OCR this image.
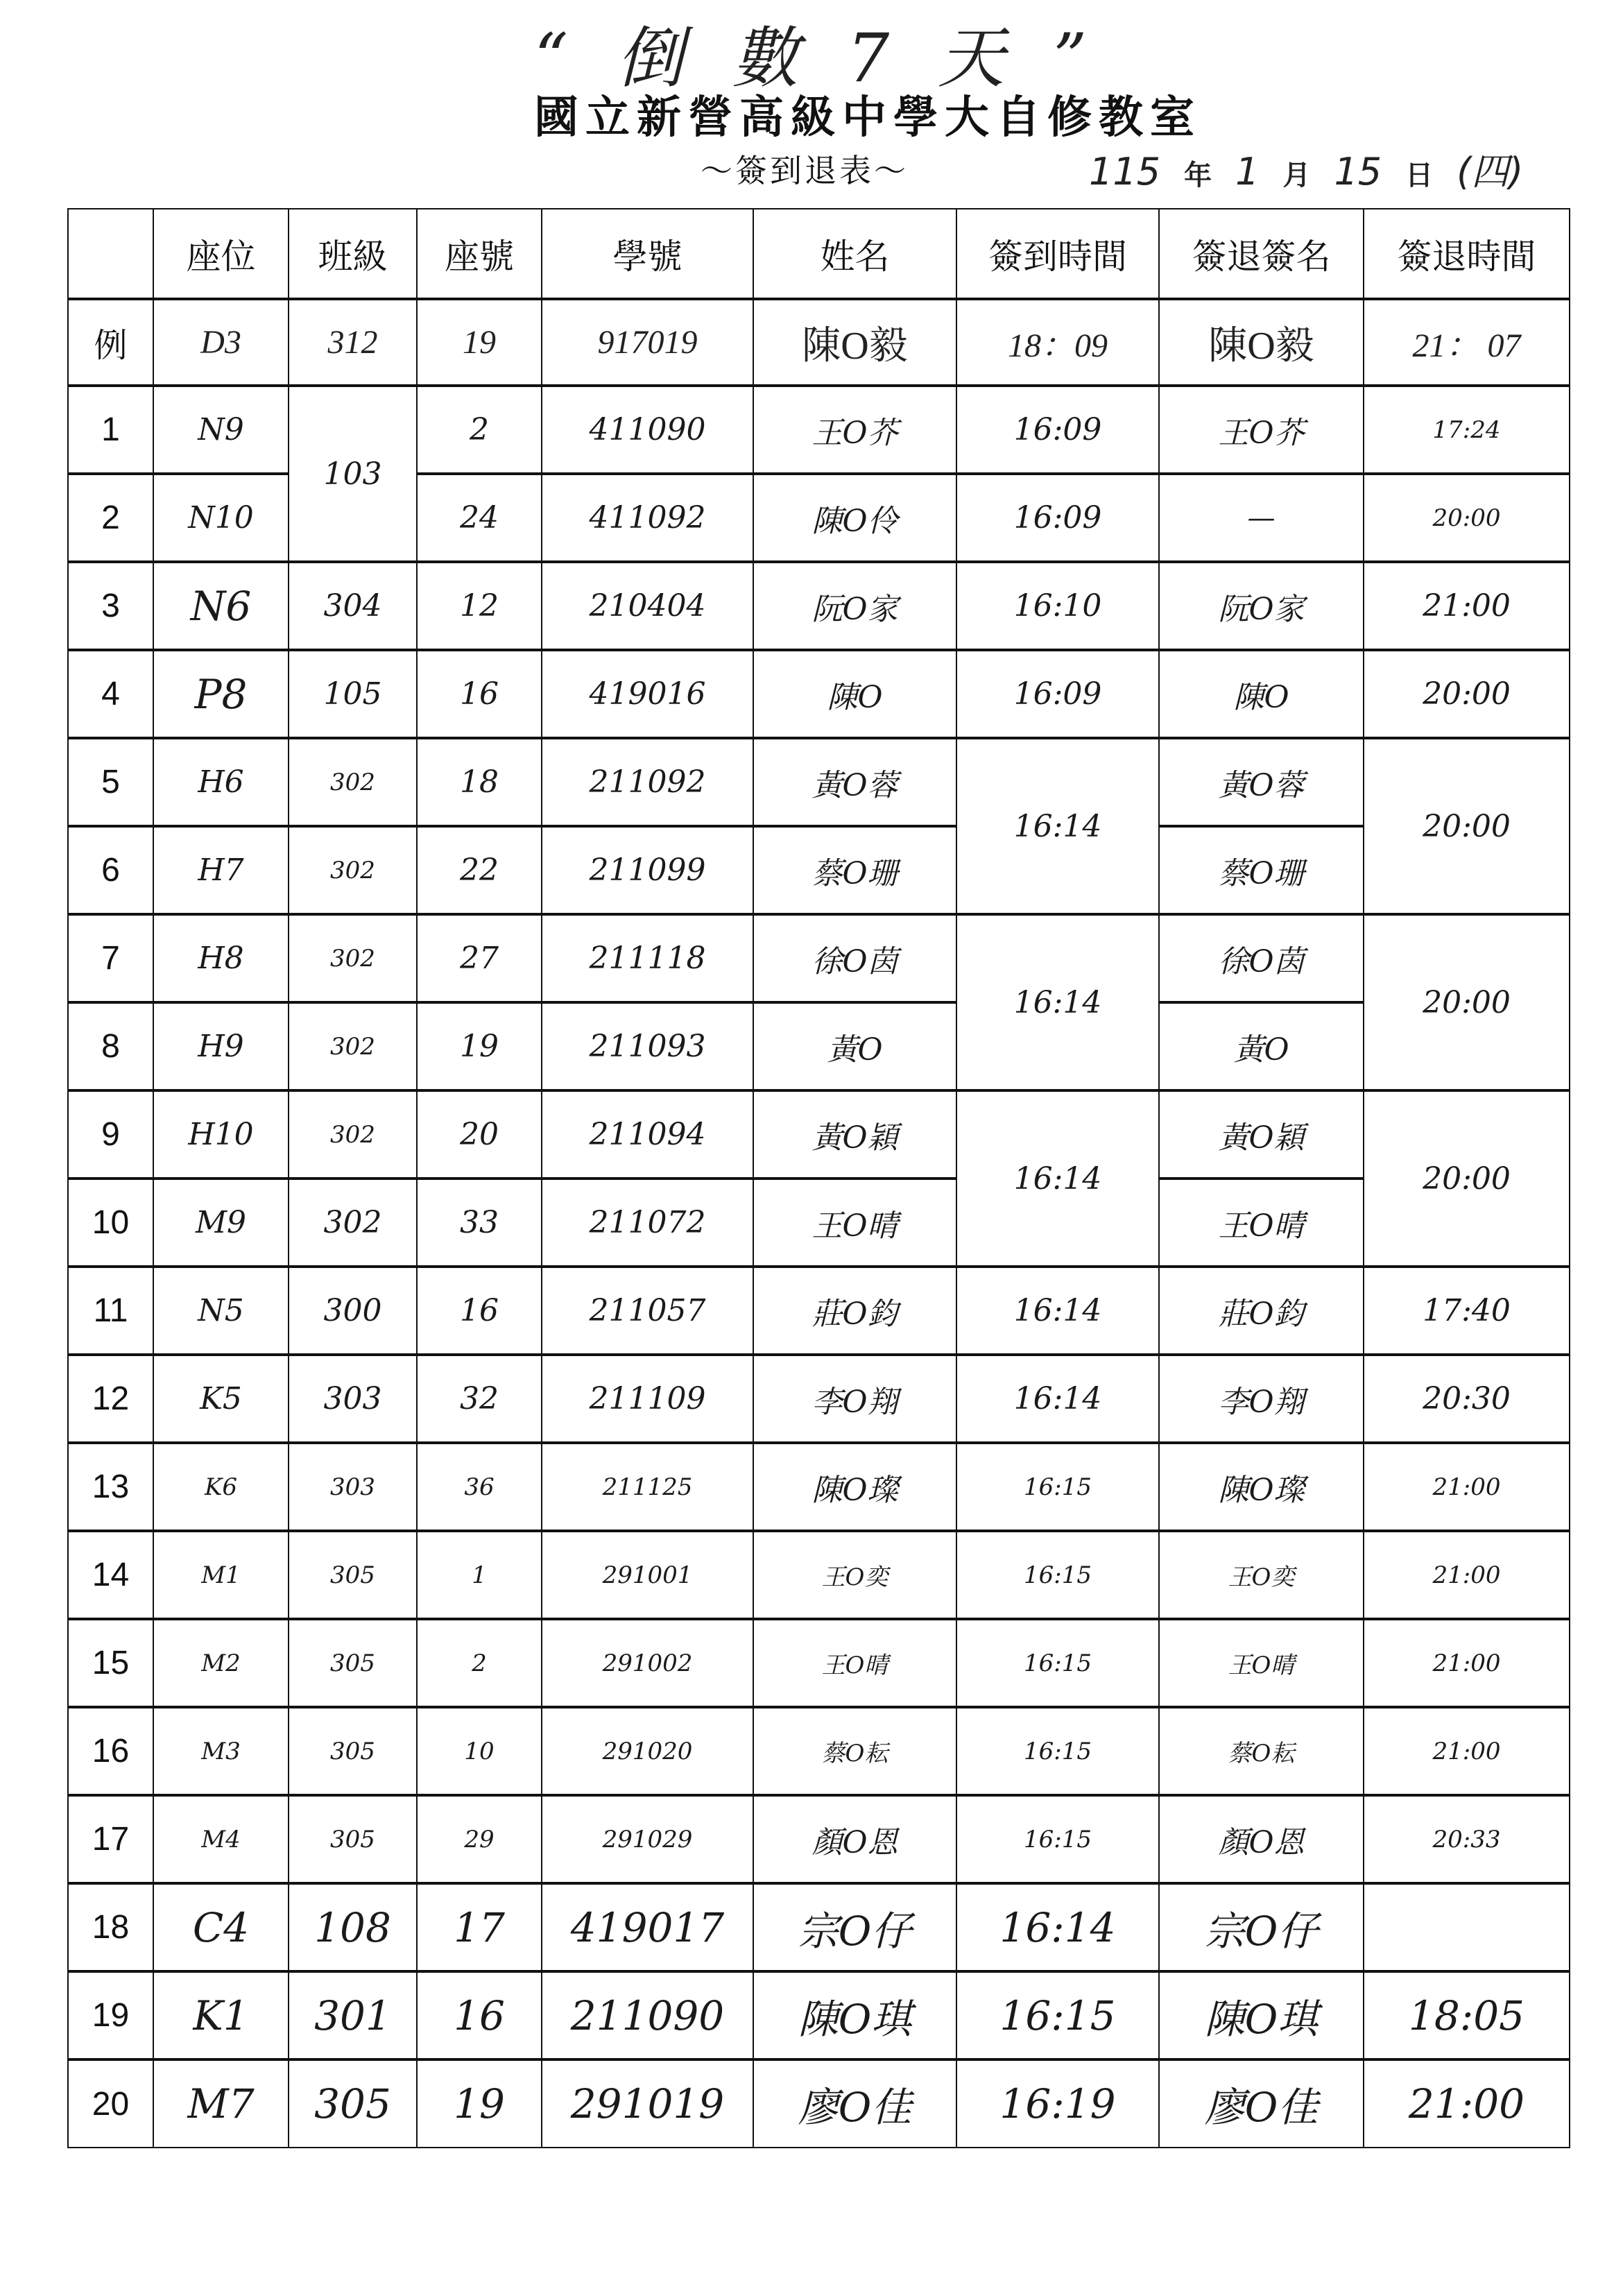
“倒數7天”
國立新營高級中學大自修教室
～簽到退表～	115 年 1 月 15 日 (四)
	座位	班級	座號	學號	姓名	簽到時間	簽退簽名	簽退時間
例	D3	312	19	917019	陳O毅	18：09	陳O毅	21： 07
1	N9	103	2	411090	王O芥	16:09	王O芥	17:24
2	N10		24	411092	陳O伶	16:09	—	20:00
3	N6	304	12	210404	阮O家	16:10	阮O家	21:00
4	P8	105	16	419016	陳O	16:09	陳O	20:00
5	H6	302	18	211092	黃O蓉	16:14	黃O蓉	20:00
6	H7	302	22	211099	蔡O珊		蔡O珊	
7	H8	302	27	211118	徐O茵	16:14	徐O茵	20:00
8	H9	302	19	211093	黃O		黃O	
9	H10	302	20	211094	黃O穎	16:14	黃O穎	20:00
10	M9	302	33	211072	王O晴		王O晴	
11	N5	300	16	211057	莊O鈞	16:14	莊O鈞	17:40
12	K5	303	32	211109	李O翔	16:14	李O翔	20:30
13	K6	303	36	211125	陳O璨	16:15	陳O璨	21:00
14	M1	305	1	291001	王O奕	16:15	王O奕	21:00
15	M2	305	2	291002	王O晴	16:15	王O晴	21:00
16	M3	305	10	291020	蔡O耘	16:15	蔡O耘	21:00
17	M4	305	29	291029	顏O恩	16:15	顏O恩	20:33
18	C4	108	17	419017	宗O仔	16:14	宗O仔	
19	K1	301	16	211090	陳O琪	16:15	陳O琪	18:05
20	M7	305	19	291019	廖O佳	16:19	廖O佳	21:00
